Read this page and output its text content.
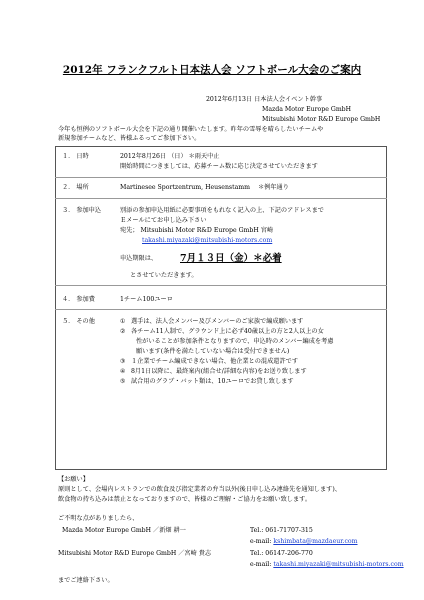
2012年 フランクフルト日本法人会 ソフトボール大会のご案内
2012年6月13日 日本法人会イベント幹事
Mazda Motor Europe GmbH
Mitsubishi Motor R&D Europe GmbH
今年も恒例のソフトボール大会を下記の通り開催いたします。昨年の雪辱を晴らしたいチームや
新規参加チームなど、皆様ふるってご参加下さい。
１． 日時	2012年8月26日 （日） ＊雨天中止
開始時間につきましては、応募チーム数に応じ決定させていただきます
２． 場所	Martinesee Sportzentrum, Heusenstamm ＊例年通り
３． 参加申込	別添の参加申込用紙に必要事項をもれなく記入の上、下記のアドレスまで
Ｅメールにてお申し込み下さい
宛先； Mitsubishi Motor R&D Europe GmbH 宮崎
takashi.miyazaki@mitsubishi-motors.com
申込期限は、 7月１３日（金）＊必着
とさせていただきます。
４． 参加費	1チーム100ユーロ
５． その他	① 選手は、法人会メンバー及びメンバーのご家族で編成願います
② 各チーム11人制で、グラウンド上に必ず40歳以上の方と2人以上の女
性がいることが参加条件となりますので、申込時のメンバー編成を考慮
願います(条件を満たしていない場合は受付できません)
③ １企業でチーム編成できない場合、他企業との混成還許です
④ 8月1日以降に、最終案内(組合せ/詳細な内容)をお送り致します
⑤ 試合用のグラブ・バット類は、10ユーロでお貸し致します
【お願い】
原則として、会場内レストランでの飲食及び指定業者の弁当以外(後日申し込み連絡先を通知します)、
飲食物の持ち込みは禁止となっておりますので、皆様のご理解・ご協力をお願い致します。
ご不明な点がありましたら、
Mazda Motor Europe GmbH ／新畑 耕一	Tel.: 061-71707-315
e-mail: kshimbata@mazdaeur.com
Mitsubishi Motor R&D Europe GmbH ／宮崎 貴志	Tel.: 06147-206-770
e-mail: takashi.miyazaki@mitsubishi-motors.com
までご連絡下さい。
